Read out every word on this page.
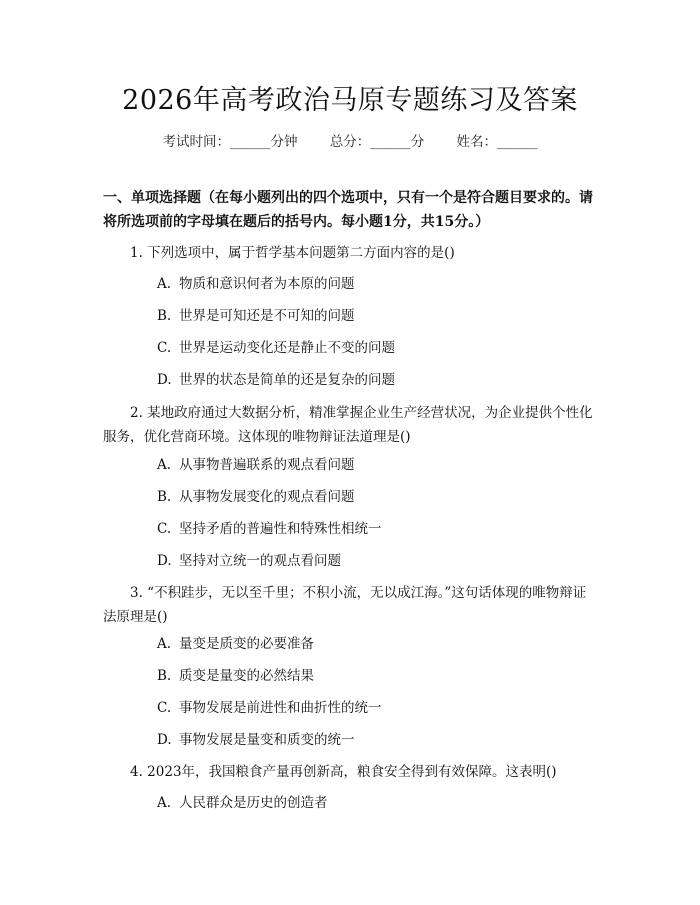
2026年高考政治马原专题练习及答案
考试时间：______分钟 总分：______分 姓名：______
一、单项选择题（在每小题列出的四个选项中，只有一个是符合题目要求的。请将所选项前的字母填在题后的括号内。每小题1分，共15分。）
1. 下列选项中，属于哲学基本问题第二方面内容的是()
A. 物质和意识何者为本原的问题
B. 世界是可知还是不可知的问题
C. 世界是运动变化还是静止不变的问题
D. 世界的状态是简单的还是复杂的问题
2. 某地政府通过大数据分析，精准掌握企业生产经营状况，为企业提供个性化服务，优化营商环境。这体现的唯物辩证法道理是()
A. 从事物普遍联系的观点看问题
B. 从事物发展变化的观点看问题
C. 坚持矛盾的普遍性和特殊性相统一
D. 坚持对立统一的观点看问题
3. “不积跬步，无以至千里；不积小流，无以成江海。”这句话体现的唯物辩证法原理是()
A. 量变是质变的必要准备
B. 质变是量变的必然结果
C. 事物发展是前进性和曲折性的统一
D. 事物发展是量变和质变的统一
4. 2023年，我国粮食产量再创新高，粮食安全得到有效保障。这表明()
A. 人民群众是历史的创造者
